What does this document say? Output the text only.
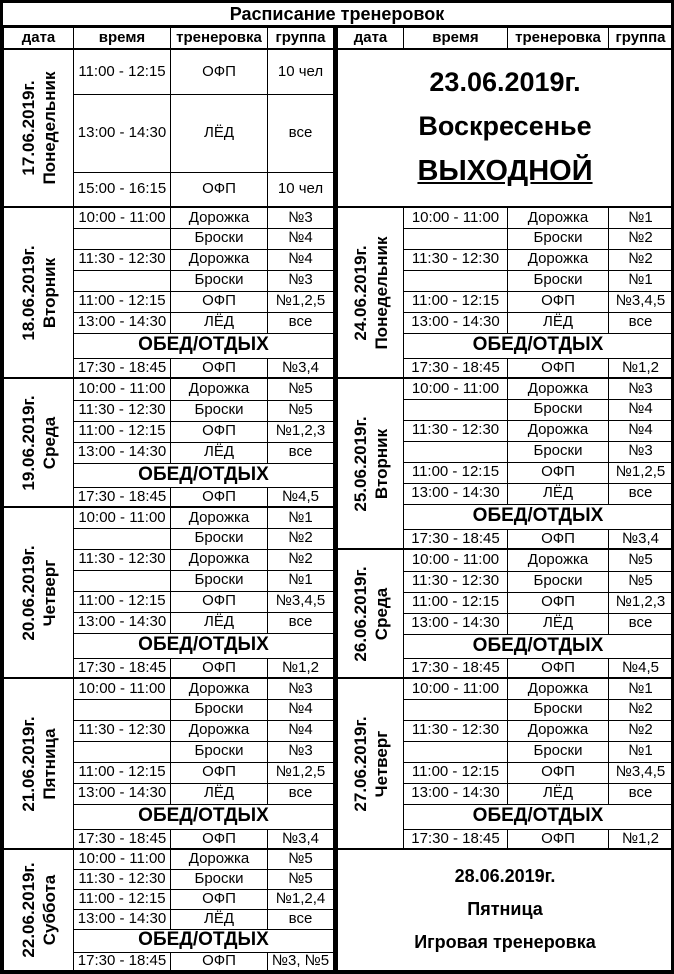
Расписание тренеровок
дата	время	тренеровка	группа

17.06.2019г. Понедельник	11:00 - 12:15	ОФП	10 чел
	13:00 - 14:30	ЛЁД	все
	15:00 - 16:15	ОФП	10 чел

18.06.2019г. Вторник	10:00 - 11:00	Дорожка	№3
		Броски	№4
	11:30 - 12:30	Дорожка	№4
		Броски	№3
	11:00 - 12:15	ОФП	№1,2,5
	13:00 - 14:30	ЛЁД	все
	ОБЕД/ОТДЫХ		
	17:30 - 18:45	ОФП	№3,4

19.06.2019г. Среда	10:00 - 11:00	Дорожка	№5
	11:30 - 12:30	Броски	№5
	11:00 - 12:15	ОФП	№1,2,3
	13:00 - 14:30	ЛЁД	все
	ОБЕД/ОТДЫХ		
	17:30 - 18:45	ОФП	№4,5

20.06.2019г. Четверг	10:00 - 11:00	Дорожка	№1
		Броски	№2
	11:30 - 12:30	Дорожка	№2
		Броски	№1
	11:00 - 12:15	ОФП	№3,4,5
	13:00 - 14:30	ЛЁД	все
	ОБЕД/ОТДЫХ		
	17:30 - 18:45	ОФП	№1,2

21.06.2019г. Пятница	10:00 - 11:00	Дорожка	№3
		Броски	№4
	11:30 - 12:30	Дорожка	№4
		Броски	№3
	11:00 - 12:15	ОФП	№1,2,5
	13:00 - 14:30	ЛЁД	все
	ОБЕД/ОТДЫХ		
	17:30 - 18:45	ОФП	№3,4

22.06.2019г. Суббота	10:00 - 11:00	Дорожка	№5
	11:30 - 12:30	Броски	№5
	11:00 - 12:15	ОФП	№1,2,4
	13:00 - 14:30	ЛЁД	все
	ОБЕД/ОТДЫХ		
	17:30 - 18:45	ОФП	№3, №5
дата	время	тренеровка	группа

23.06.2019г.
Воскресенье
ВЫХОДНОЙ			

24.06.2019г. Понедельник	10:00 - 11:00	Дорожка	№1
		Броски	№2
	11:30 - 12:30	Дорожка	№2
		Броски	№1
	11:00 - 12:15	ОФП	№3,4,5
	13:00 - 14:30	ЛЁД	все
	ОБЕД/ОТДЫХ		
	17:30 - 18:45	ОФП	№1,2

25.06.2019г. Вторник	10:00 - 11:00	Дорожка	№3
		Броски	№4
	11:30 - 12:30	Дорожка	№4
		Броски	№3
	11:00 - 12:15	ОФП	№1,2,5
	13:00 - 14:30	ЛЁД	все
	ОБЕД/ОТДЫХ		
	17:30 - 18:45	ОФП	№3,4

26.06.2019г. Среда	10:00 - 11:00	Дорожка	№5
	11:30 - 12:30	Броски	№5
	11:00 - 12:15	ОФП	№1,2,3
	13:00 - 14:30	ЛЁД	все
	ОБЕД/ОТДЫХ		
	17:30 - 18:45	ОФП	№4,5

27.06.2019г. Четверг	10:00 - 11:00	Дорожка	№1
		Броски	№2
	11:30 - 12:30	Дорожка	№2
		Броски	№1
	11:00 - 12:15	ОФП	№3,4,5
	13:00 - 14:30	ЛЁД	все
	ОБЕД/ОТДЫХ		
	17:30 - 18:45	ОФП	№1,2

28.06.2019г.
Пятница
Игровая тренеровка			
